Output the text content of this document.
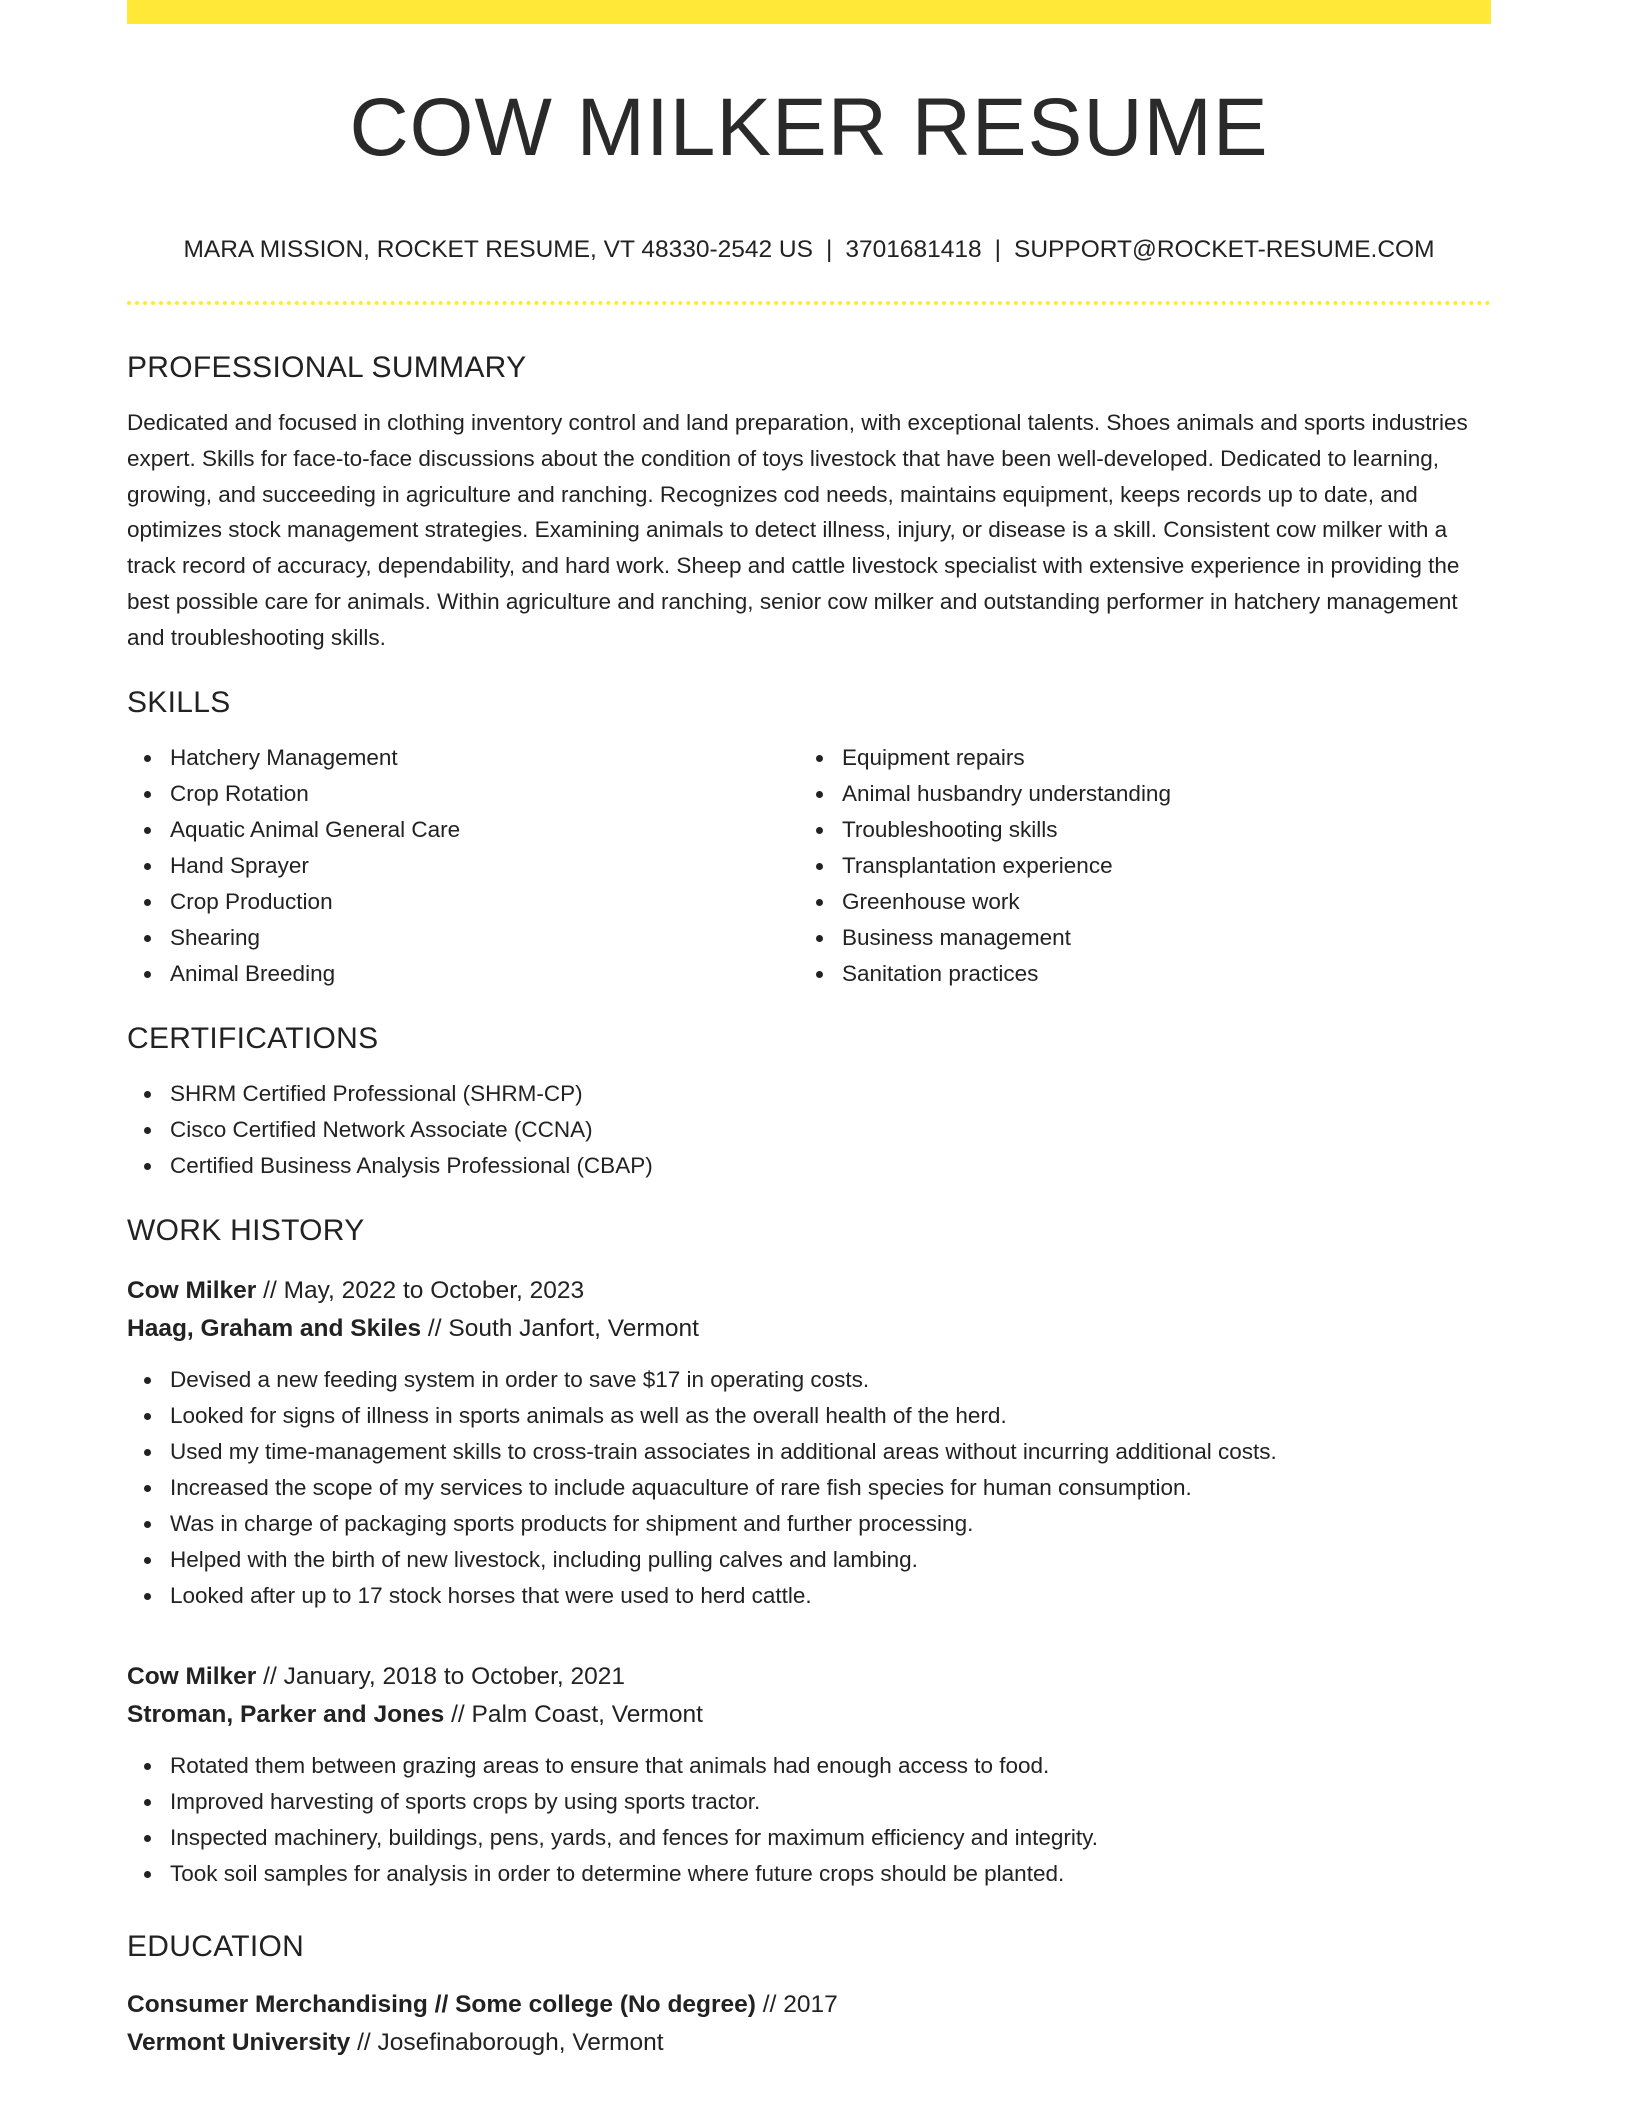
COW MILKER RESUME
MARA MISSION, ROCKET RESUME, VT 48330-2542 US | 3701681418 | SUPPORT@ROCKET-RESUME.COM
PROFESSIONAL SUMMARY

Dedicated and focused in clothing inventory control and land preparation, with exceptional talents. Shoes animals and sports industries expert. Skills for face-to-face discussions about the condition of toys livestock that have been well-developed. Dedicated to learning, growing, and succeeding in agriculture and ranching. Recognizes cod needs, maintains equipment, keeps records up to date, and optimizes stock management strategies. Examining animals to detect illness, injury, or disease is a skill. Consistent cow milker with a track record of accuracy, dependability, and hard work. Sheep and cattle livestock specialist with extensive experience in providing the best possible care for animals. Within agriculture and ranching, senior cow milker and outstanding performer in hatchery management and troubleshooting skills.

SKILLS
Hatchery Management
Crop Rotation
Aquatic Animal General Care
Hand Sprayer
Crop Production
Shearing
Animal Breeding
Equipment repairs
Animal husbandry understanding
Troubleshooting skills
Transplantation experience
Greenhouse work
Business management
Sanitation practices
CERTIFICATIONS
SHRM Certified Professional (SHRM-CP)
Cisco Certified Network Associate (CCNA)
Certified Business Analysis Professional (CBAP)
WORK HISTORY
Cow Milker // May, 2022 to October, 2023
Haag, Graham and Skiles // South Janfort, Vermont
Devised a new feeding system in order to save $17 in operating costs.
Looked for signs of illness in sports animals as well as the overall health of the herd.
Used my time-management skills to cross-train associates in additional areas without incurring additional costs.
Increased the scope of my services to include aquaculture of rare fish species for human consumption.
Was in charge of packaging sports products for shipment and further processing.
Helped with the birth of new livestock, including pulling calves and lambing.
Looked after up to 17 stock horses that were used to herd cattle.
Cow Milker // January, 2018 to October, 2021
Stroman, Parker and Jones // Palm Coast, Vermont
Rotated them between grazing areas to ensure that animals had enough access to food.
Improved harvesting of sports crops by using sports tractor.
Inspected machinery, buildings, pens, yards, and fences for maximum efficiency and integrity.
Took soil samples for analysis in order to determine where future crops should be planted.
EDUCATION
Consumer Merchandising // Some college (No degree) // 2017
Vermont University // Josefinaborough, Vermont
